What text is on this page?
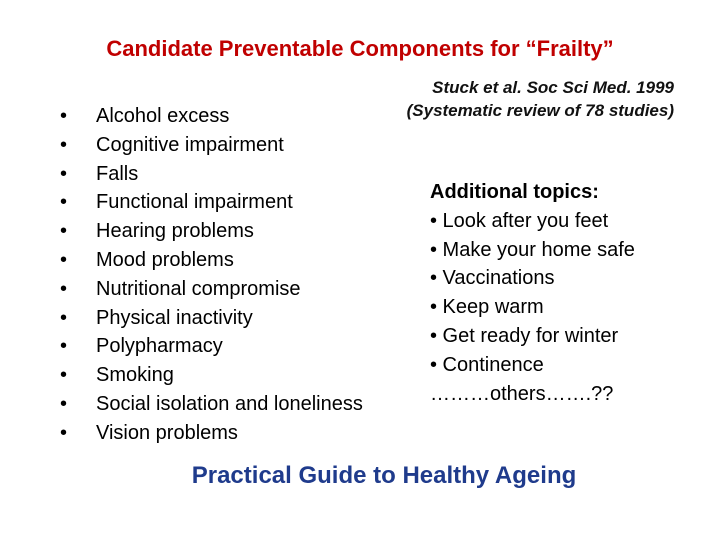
Candidate Preventable Components for “Frailty”
Stuck et al. Soc Sci Med. 1999
(Systematic review of 78 studies)
• Alcohol excess
• Cognitive impairment
• Falls
• Functional impairment
• Hearing problems
• Mood problems
• Nutritional compromise
• Physical inactivity
• Polypharmacy
• Smoking
• Social isolation and loneliness
• Vision problems
Additional topics:
• Look after you feet
• Make your home safe
• Vaccinations
• Keep warm
• Get ready for winter
• Continence
………others…….??
Practical Guide to Healthy Ageing
